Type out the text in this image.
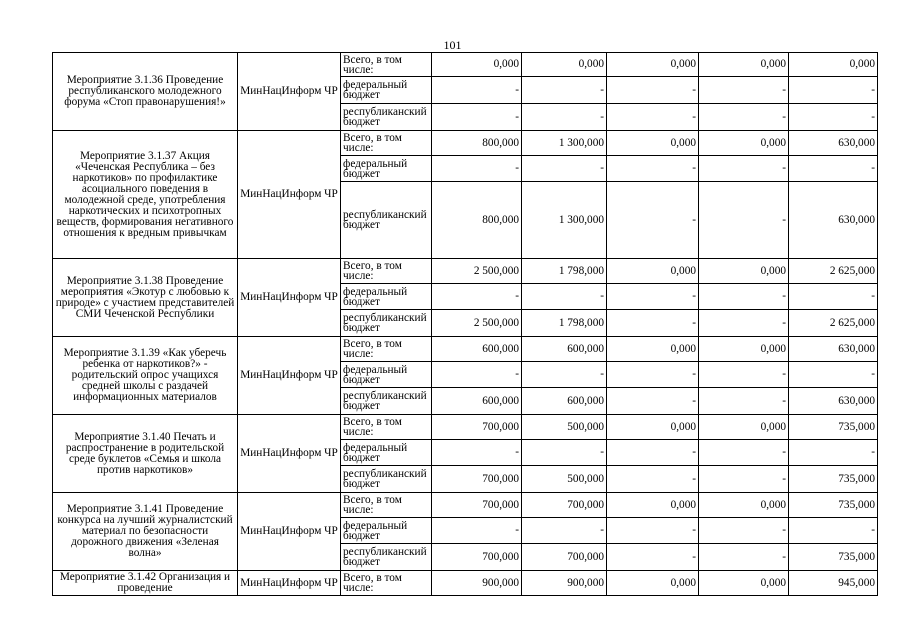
101
Мероприятие 3.1.36 Проведение республиканского молодежного форума «Стоп правонарушения!»	МинНацИнформ ЧР	Всего, в том числе:	0,000	0,000	0,000	0,000	0,000
		федеральный бюджет	-	-	-	-	-
		республиканский бюджет	-	-	-	-	-
Мероприятие 3.1.37 Акция «Чеченская Республика – без наркотиков» по профилактике асоциального поведения в молодежной среде, употребления наркотических и психотропных веществ, формирования негативного отношения к вредным привычкам	МинНацИнформ ЧР	Всего, в том числе:	800,000	1 300,000	0,000	0,000	630,000
		федеральный бюджет	-	-	-	-	-
		республиканский бюджет	800,000	1 300,000	-	-	630,000
Мероприятие 3.1.38 Проведение мероприятия «Экотур с любовью к природе» с участием представителей СМИ Чеченской Республики	МинНацИнформ ЧР	Всего, в том числе:	2 500,000	1 798,000	0,000	0,000	2 625,000
		федеральный бюджет	-	-	-	-	-
		республиканский бюджет	2 500,000	1 798,000	-	-	2 625,000
Мероприятие 3.1.39 «Как уберечь ребенка от наркотиков?» - родительский опрос учащихся средней школы с раздачей информационных материалов	МинНацИнформ ЧР	Всего, в том числе:	600,000	600,000	0,000	0,000	630,000
		федеральный бюджет	-	-	-	-	-
		республиканский бюджет	600,000	600,000	-	-	630,000
Мероприятие 3.1.40 Печать и распространение в родительской среде буклетов «Семья и школа против наркотиков»	МинНацИнформ ЧР	Всего, в том числе:	700,000	500,000	0,000	0,000	735,000
		федеральный бюджет	-	-	-	-	-
		республиканский бюджет	700,000	500,000	-	-	735,000
Мероприятие 3.1.41 Проведение конкурса на лучший журналистский материал по безопасности дорожного движения «Зеленая волна»	МинНацИнформ ЧР	Всего, в том числе:	700,000	700,000	0,000	0,000	735,000
		федеральный бюджет	-	-	-	-	-
		республиканский бюджет	700,000	700,000	-	-	735,000
Мероприятие 3.1.42 Организация и проведение	МинНацИнформ ЧР	Всего, в том числе:	900,000	900,000	0,000	0,000	945,000
